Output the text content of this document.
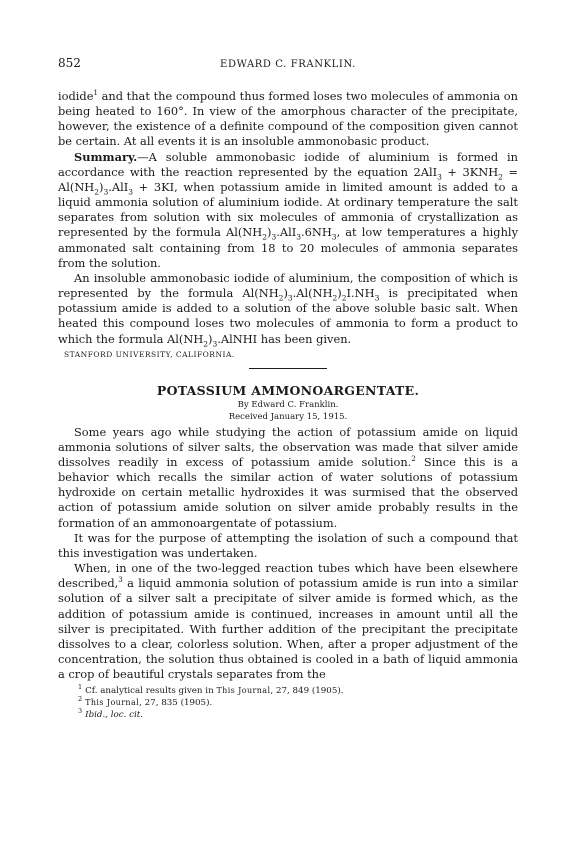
852	EDWARD C. FRANKLIN.

iodide$^1$ and that the compound thus formed loses two molecules of ammonia on being heated to 160°. In view of the amorphous character of the precipitate, however, the existence of a definite compound of the composition given cannot be certain. At all events it is an insoluble ammonobasic product.

Summary.—A soluble ammonobasic iodide of aluminium is formed in accordance with the reaction represented by the equation $2AlI_3 + 3KNH_2 = Al(NH_2)_3.AlI_3 + 3KI$, when potassium amide in limited amount is added to a liquid ammonia solution of aluminium iodide. At ordinary temperature the salt separates from solution with six molecules of ammonia of crystallization as represented by the formula $Al(NH_2)_3.AlI_3.6NH_3$, at low temperatures a highly ammonated salt containing from 18 to 20 molecules of ammonia separates from the solution.

An insoluble ammonobasic iodide of aluminium, the composition of which is represented by the formula $Al(NH_2)_3.Al(NH_2)_2I.NH_3$ is precipitated when potassium amide is added to a solution of the above soluble basic salt. When heated this compound loses two molecules of ammonia to form a product to which the formula $Al(NH_2)_3.AlNHI$ has been given.

STANFORD UNIVERSITY, CALIFORNIA.
POTASSIUM AMMONOARGENTATE.
By Edward C. Franklin.
Received January 15, 1915.

Some years ago while studying the action of potassium amide on liquid ammonia solutions of silver salts, the observation was made that silver amide dissolves readily in excess of potassium amide solution.$^2$ Since this is a behavior which recalls the similar action of water solutions of potassium hydroxide on certain metallic hydroxides it was surmised that the observed action of potassium amide solution on silver amide probably results in the formation of an ammonoargentate of potassium.

It was for the purpose of attempting the isolation of such a compound that this investigation was undertaken.

When, in one of the two-legged reaction tubes which have been elsewhere described,$^3$ a liquid ammonia solution of potassium amide is run into a similar solution of a silver salt a precipitate of silver amide is formed which, as the addition of potassium amide is continued, increases in amount until all the silver is precipitated. With further addition of the precipitant the precipitate dissolves to a clear, colorless solution. When, after a proper adjustment of the concentration, the solution thus obtained is cooled in a bath of liquid ammonia a crop of beautiful crystals separates from the

$^1$ Cf. analytical results given in This Journal, 27, 849 (1905).
$^2$ This Journal, 27, 835 (1905).
$^3$ Ibid., loc. cit.
